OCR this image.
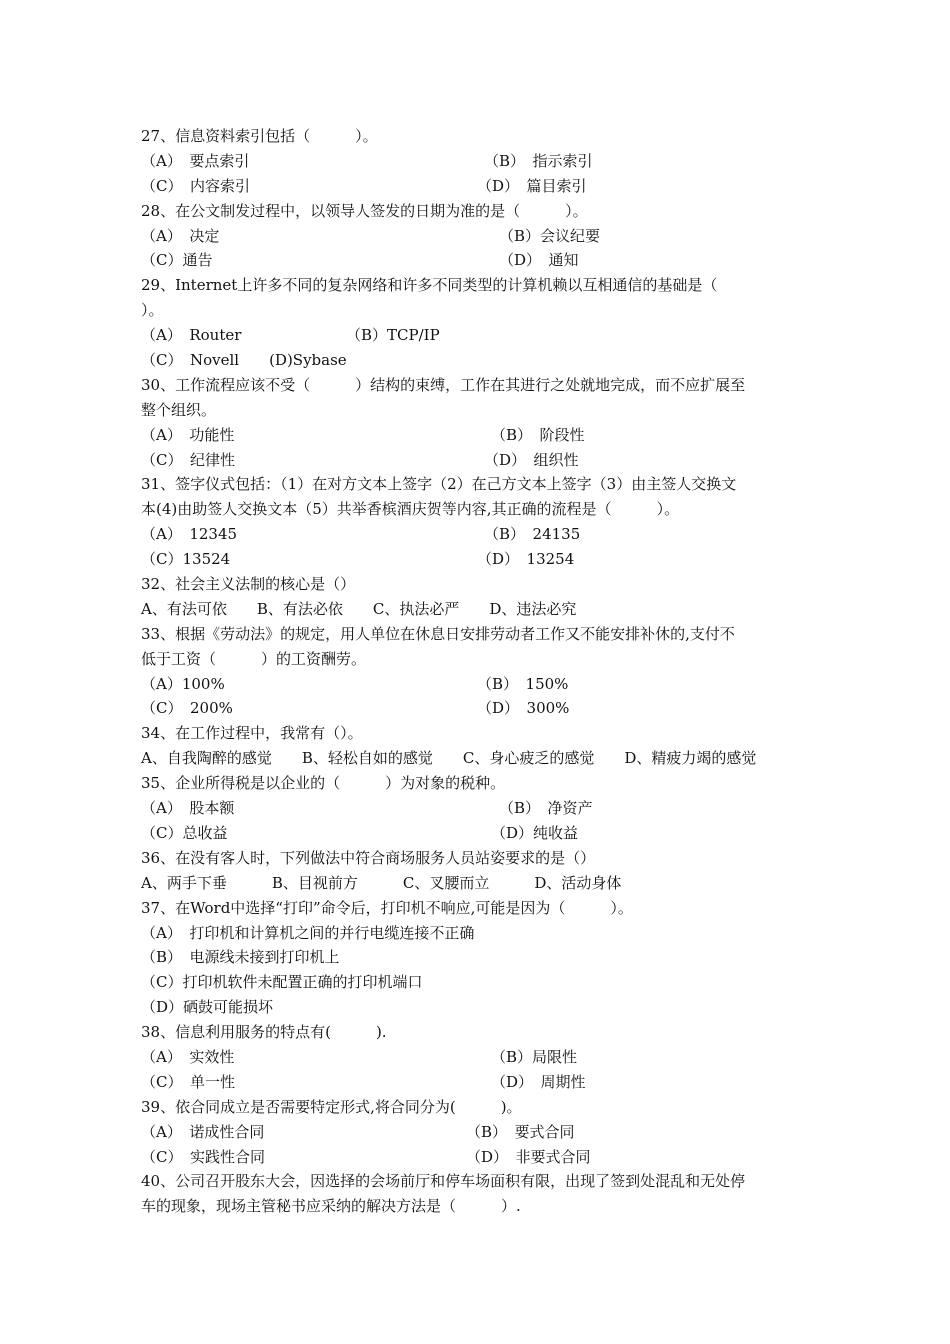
27、信息资料索引包括（　　　）。
（A）　要点索引	（B）　指示索引
（C）　内容索引	（D）　篇目索引
28、在公文制发过程中，以领导人签发的日期为准的是（　　　）。
（A）　决定	（B）会议纪要
（C）通告	（D）　通知
29、Internet上许多不同的复杂网络和许多不同类型的计算机赖以互相通信的基础是（
）。
（A）　Router	（B）TCP/IP
（C）　Novell　　(D)Sybase
30、工作流程应该不受（　　　）结构的束缚，工作在其进行之处就地完成，而不应扩展至
整个组织。
（A）　功能性	（B）　阶段性
（C）　纪律性	（D）　组织性
31、签字仪式包括：（1）在对方文本上签字（2）在己方文本上签字（3）由主签人交换文
本(4)由助签人交换文本（5）共举香槟酒庆贺等内容,其正确的流程是（　　　）。
（A）　12345	（B）　24135
（C）13524	（D）　13254
32、社会主义法制的核心是（）
A、有法可依　　B、有法必依　　C、执法必严　　D、违法必究
33、根据《劳动法》的规定，用人单位在休息日安排劳动者工作又不能安排补休的,支付不
低于工资（　　　）的工资酬劳。
（A）100%	（B）　150%
（C）　200%	（D）　300%
34、在工作过程中，我常有（）。
A、自我陶醉的感觉　　B、轻松自如的感觉　　C、身心疲乏的感觉　　D、精疲力竭的感觉
35、企业所得税是以企业的（　　　）为对象的税种。
（A）　股本额	（B）　净资产
（C）总收益	（D）纯收益
36、在没有客人时，下列做法中符合商场服务人员站姿要求的是（）
A、两手下垂　　　B、目视前方　　　C、叉腰而立　　　D、活动身体
37、在Word中选择“打印”命令后，打印机不响应,可能是因为（　　　）。
（A）　打印机和计算机之间的并行电缆连接不正确
（B）　电源线未接到打印机上
（C）打印机软件未配置正确的打印机端口
（D）硒鼓可能损坏
38、信息利用服务的特点有(　　　).
（A）　实效性	（B）局限性
（C）　单一性	（D）　周期性
39、依合同成立是否需要特定形式,将合同分为(　　　)。
（A）　诺成性合同	（B）　要式合同
（C）　实践性合同	（D）　非要式合同
40、公司召开股东大会，因选择的会场前厅和停车场面积有限，出现了签到处混乱和无处停
车的现象，现场主管秘书应采纳的解决方法是（　　　）.
